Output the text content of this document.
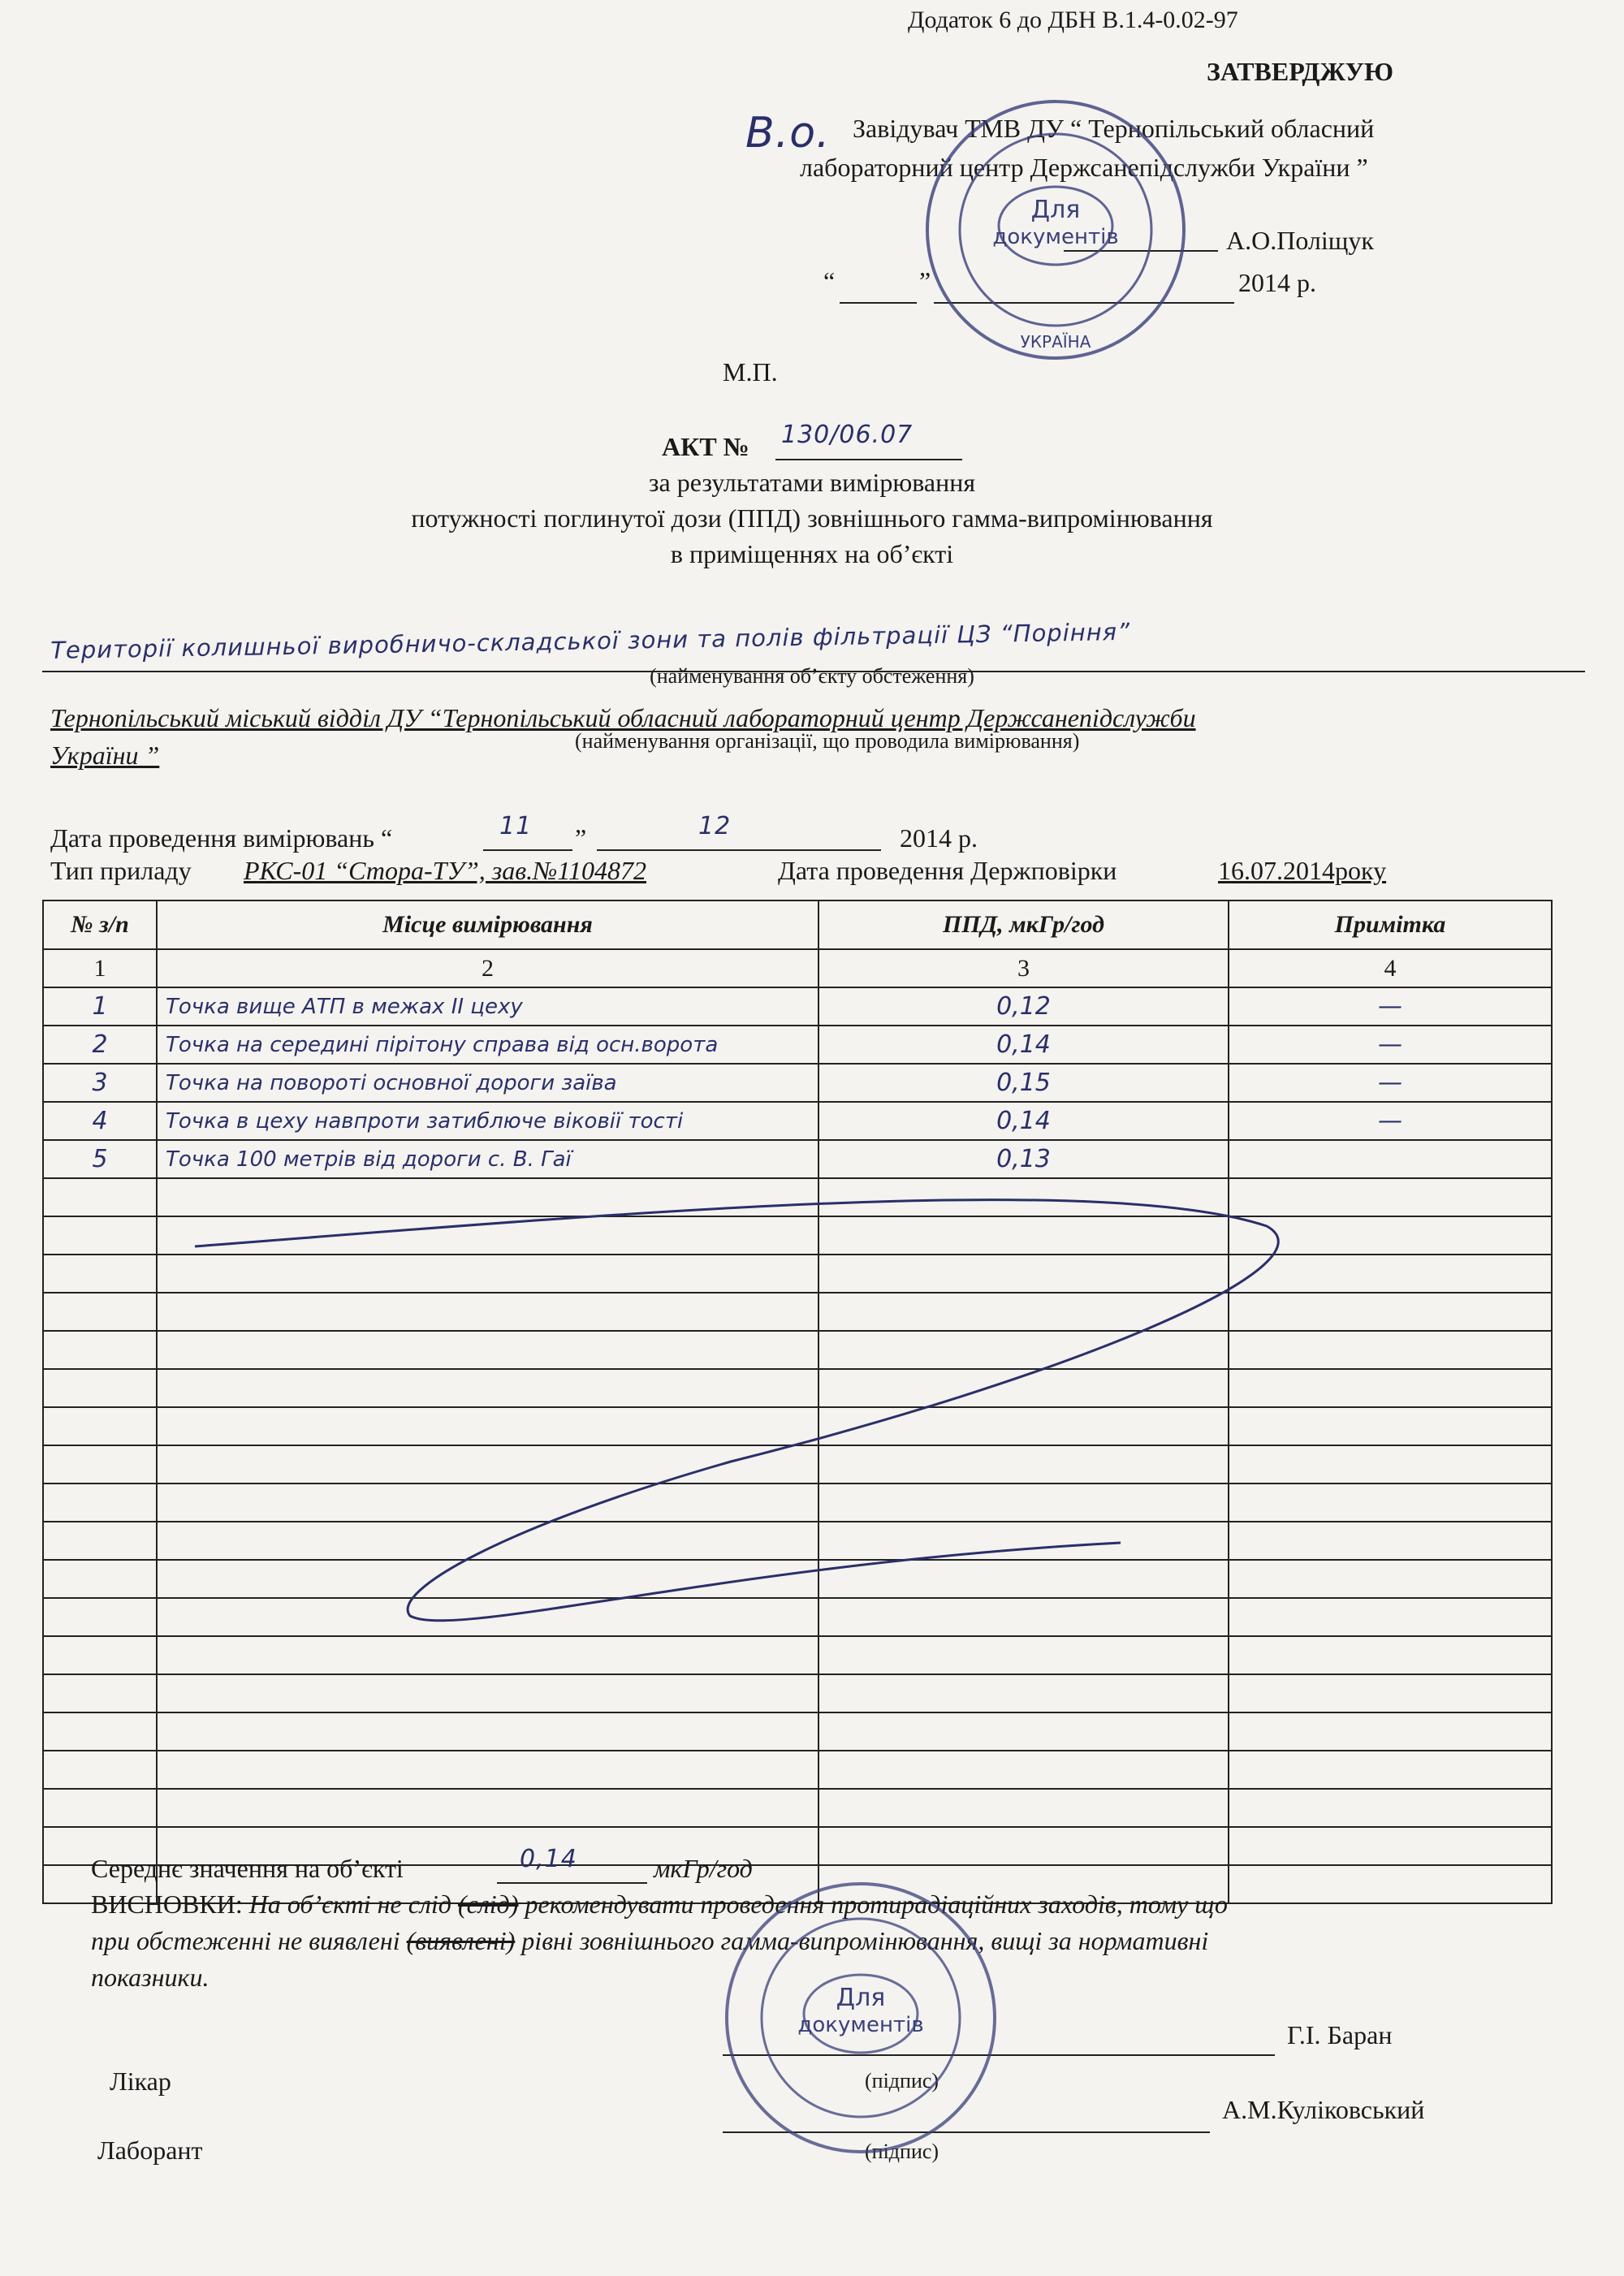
Додаток 6 до ДБН В.1.4-0.02-97
ЗАТВЕРДЖУЮ
В.о. Завідувач ТМВ ДУ “ Тернопільський обласний
лабораторний центр Держсанепідслужби України ”
А.О.Поліщук
“	”	2014 р.
М.П.
АКТ № 130/06.07
за результатами вимірювання
потужності поглинутої дози (ППД) зовнішнього гамма-випромінювання
в приміщеннях на об’єкті
Території колишньої виробничо-складської зони та полів фільтрації ЦЗ “Поріння”
(найменування об’єкту обстеження)
Тернопільський міський відділ ДУ “Тернопільський обласний лабораторний центр Держсанепідслужби
України ”	(найменування організації, що проводила вимірювання)
Дата проведення вимірювань “	11 ”	12	2014 р.
Тип приладу РКС-01 “Стора-ТУ”, зав.№1104872	Дата проведення Держповірки	16.07.2014року
№ з/п	Місце вимірювання	ППД, мкГр/год	Примітка
1	2	3	4
1	Точка вище АТП в межах II цеху	0,12	—
2	Точка на середині пірітону справа від осн.ворота	0,14	—
3	Точка на повороті основної дороги заїва	0,15	—
4	Точка в цеху навпроти затиблюче віковії тості	0,14	—
5	Точка 100 метрів від дороги с. В. Гаї	0,13	

Середнє значення на об’єкті	0,14	мкГр/год
ВИСНОВКИ: На об’єкті не слід (слід) рекомендувати проведення протирадіаційних заходів, тому що
при обстеженні не виявлені (виявлені) рівні зовнішнього гамма-випромінювання, вищі за нормативні
показники.
Г.І. Баран
Лікар	(підпис)
А.М.Куліковський
Лаборант	(підпис)
Для
документів
УКРАЇНА
Для
документів
